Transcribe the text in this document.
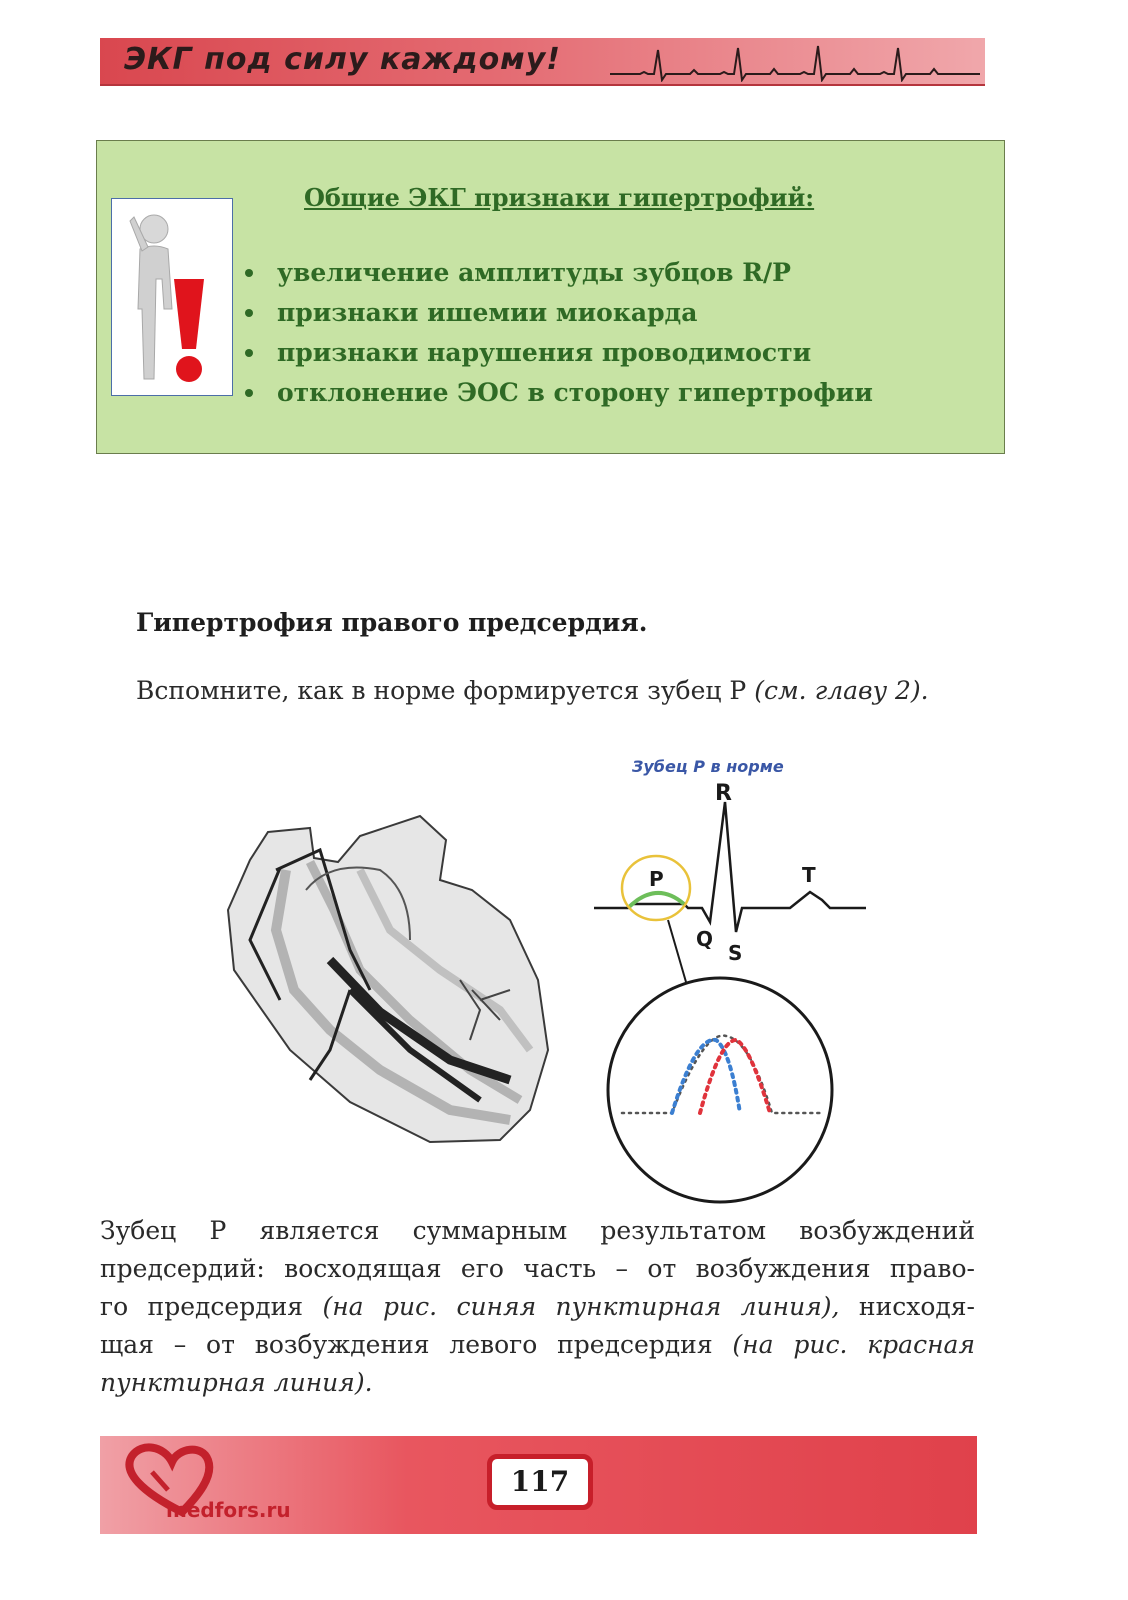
ЭКГ под силу каждому!
Общие ЭКГ признаки гипертрофий:
увеличение амплитуды зубцов R/P
признаки ишемии миокарда
признаки нарушения проводимости
отклонение ЭОС в сторону гипертрофии
Гипертрофия правого предсердия.
Вспомните, как в норме формируется зубец P (см. главу 2).
Зубец P в норме
P
R
T
Q
S
Зубец P является суммарным результатом возбуждений
предсердий: восходящая его часть – от возбуждения право-
го предсердия (на рис. синяя пунктирная линия), нисходя-
щая – от возбуждения левого предсердия (на рис. красная
пунктирная линия).
medfors.ru
117
